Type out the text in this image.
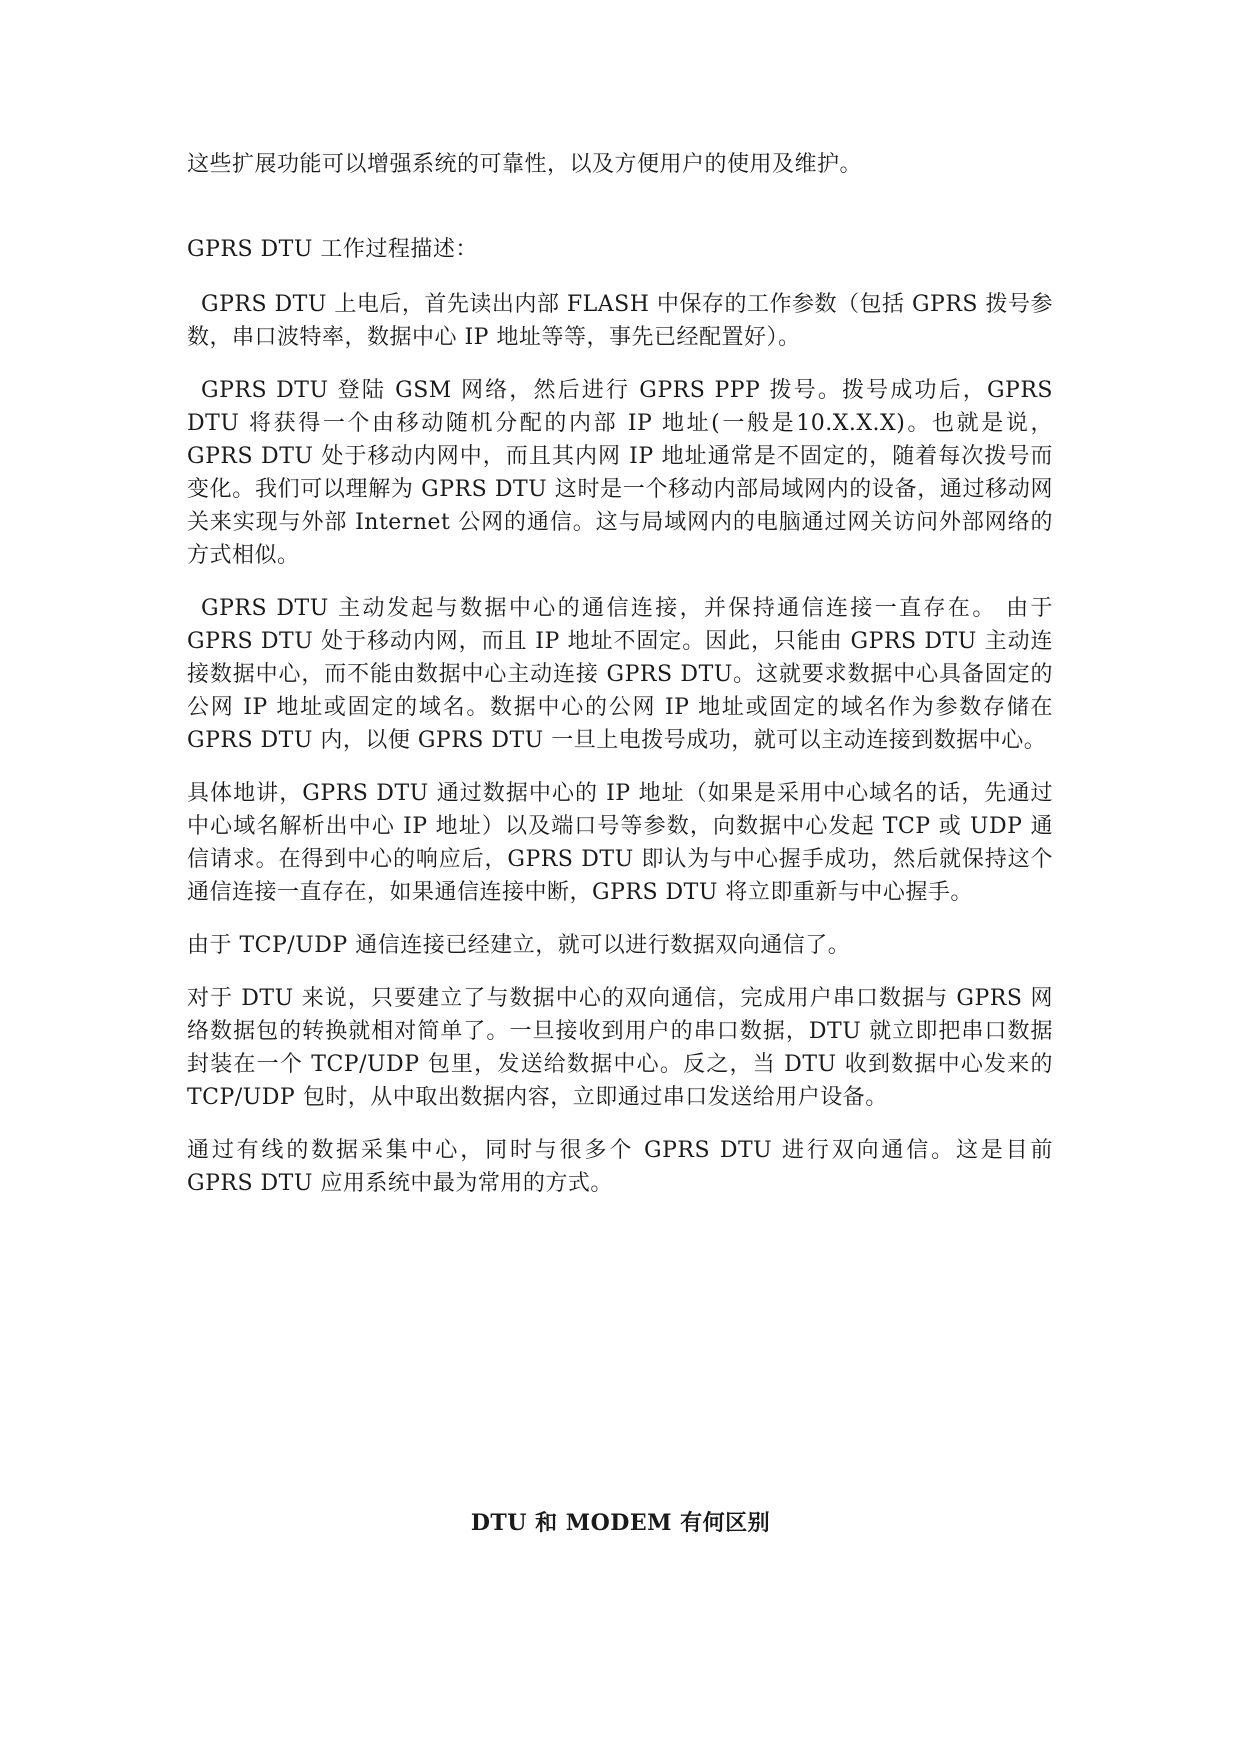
这些扩展功能可以增强系统的可靠性，以及方便用户的使用及维护。

GPRS DTU 工作过程描述：

GPRS DTU 上电后，首先读出内部 FLASH 中保存的工作参数（包括 GPRS 拨号参数，串口波特率，数据中心 IP 地址等等，事先已经配置好）。

GPRS DTU 登陆 GSM 网络，然后进行 GPRS PPP 拨号。拨号成功后，GPRS DTU 将获得一个由移动随机分配的内部 IP 地址(一般是10.X.X.X)。也就是说，GPRS DTU 处于移动内网中，而且其内网 IP 地址通常是不固定的，随着每次拨号而变化。我们可以理解为 GPRS DTU 这时是一个移动内部局域网内的设备，通过移动网关来实现与外部 Internet 公网的通信。这与局域网内的电脑通过网关访问外部网络的方式相似。

GPRS DTU 主动发起与数据中心的通信连接，并保持通信连接一直存在。 由于 GPRS DTU 处于移动内网，而且 IP 地址不固定。因此，只能由 GPRS DTU 主动连接数据中心，而不能由数据中心主动连接 GPRS DTU。这就要求数据中心具备固定的公网 IP 地址或固定的域名。数据中心的公网 IP 地址或固定的域名作为参数存储在 GPRS DTU 内，以便 GPRS DTU 一旦上电拨号成功，就可以主动连接到数据中心。

具体地讲，GPRS DTU 通过数据中心的 IP 地址（如果是采用中心域名的话，先通过中心域名解析出中心 IP 地址）以及端口号等参数，向数据中心发起 TCP 或 UDP 通信请求。在得到中心的响应后，GPRS DTU 即认为与中心握手成功，然后就保持这个通信连接一直存在，如果通信连接中断，GPRS DTU 将立即重新与中心握手。

由于 TCP/UDP 通信连接已经建立，就可以进行数据双向通信了。

对于 DTU 来说，只要建立了与数据中心的双向通信，完成用户串口数据与 GPRS 网络数据包的转换就相对简单了。一旦接收到用户的串口数据，DTU 就立即把串口数据封装在一个 TCP/UDP 包里，发送给数据中心。反之，当 DTU 收到数据中心发来的 TCP/UDP 包时，从中取出数据内容，立即通过串口发送给用户设备。

通过有线的数据采集中心，同时与很多个 GPRS DTU 进行双向通信。这是目前 GPRS DTU 应用系统中最为常用的方式。

DTU 和 MODEM 有何区别
